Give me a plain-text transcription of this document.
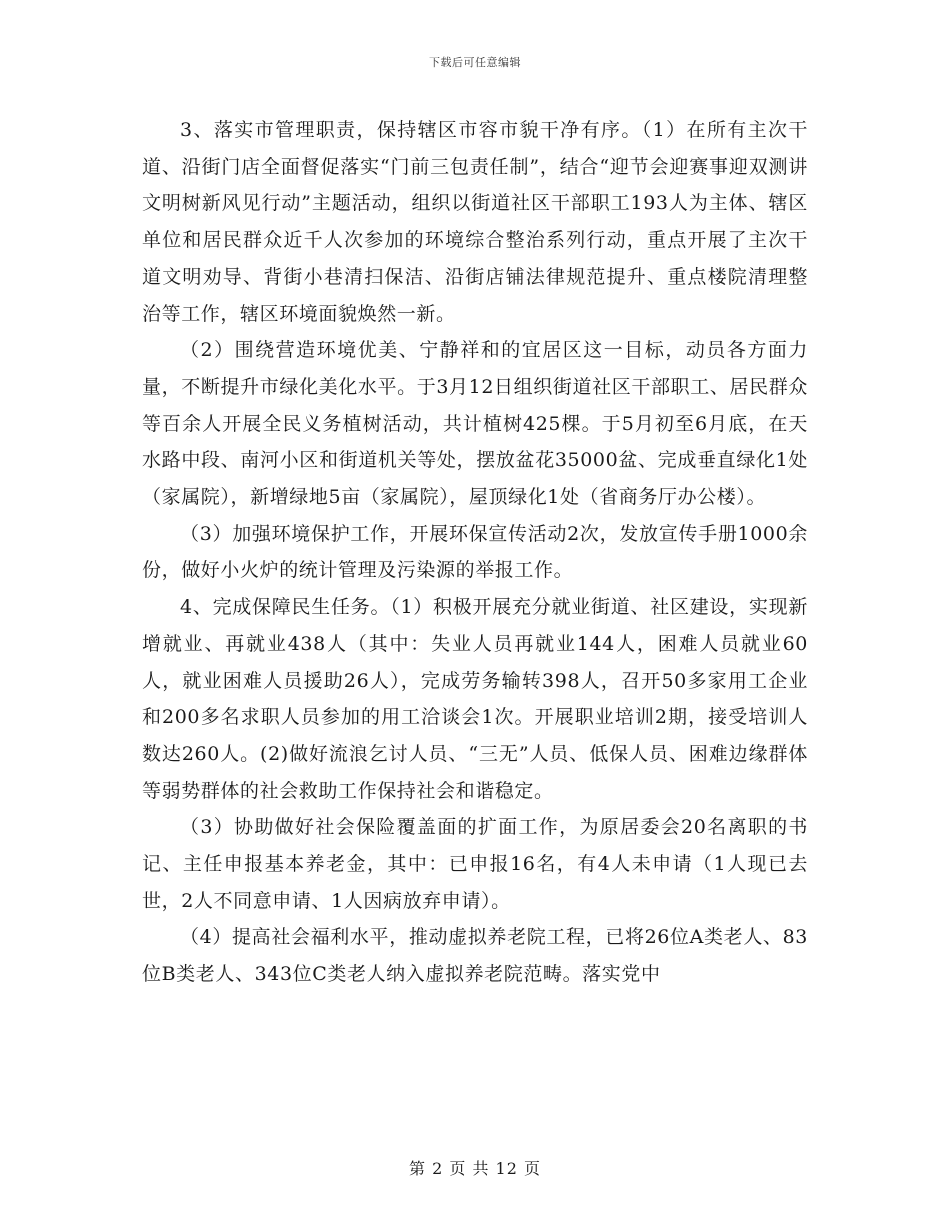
下载后可任意编辑

3、落实市管理职责，保持辖区市容市貌干净有序。（1）在所有主次干道、沿街门店全面督促落实“门前三包责任制”，结合“迎节会迎赛事迎双测讲文明树新风见行动”主题活动，组织以街道社区干部职工193人为主体、辖区单位和居民群众近千人次参加的环境综合整治系列行动，重点开展了主次干道文明劝导、背街小巷清扫保洁、沿街店铺法律规范提升、重点楼院清理整治等工作，辖区环境面貌焕然一新。

（2）围绕营造环境优美、宁静祥和的宜居区这一目标，动员各方面力量，不断提升市绿化美化水平。于3月12日组织街道社区干部职工、居民群众等百余人开展全民义务植树活动，共计植树425棵。于5月初至6月底，在天水路中段、南河小区和街道机关等处，摆放盆花35000盆、完成垂直绿化1处（家属院），新增绿地5亩（家属院），屋顶绿化1处（省商务厅办公楼）。

（3）加强环境保护工作，开展环保宣传活动2次，发放宣传手册1000余份，做好小火炉的统计管理及污染源的举报工作。

4、完成保障民生任务。（1）积极开展充分就业街道、社区建设，实现新增就业、再就业438人（其中：失业人员再就业144人，困难人员就业60人，就业困难人员援助26人），完成劳务输转398人，召开50多家用工企业和200多名求职人员参加的用工洽谈会1次。开展职业培训2期，接受培训人数达260人。(2)做好流浪乞讨人员、“三无”人员、低保人员、困难边缘群体等弱势群体的社会救助工作保持社会和谐稳定。

（3）协助做好社会保险覆盖面的扩面工作，为原居委会20名离职的书记、主任申报基本养老金，其中：已申报16名，有4人未申请（1人现已去世，2人不同意申请、1人因病放弃申请）。

（4）提高社会福利水平，推动虚拟养老院工程，已将26位A类老人、83位B类老人、343位C类老人纳入虚拟养老院范畴。落实党中

第 2 页 共 12 页
